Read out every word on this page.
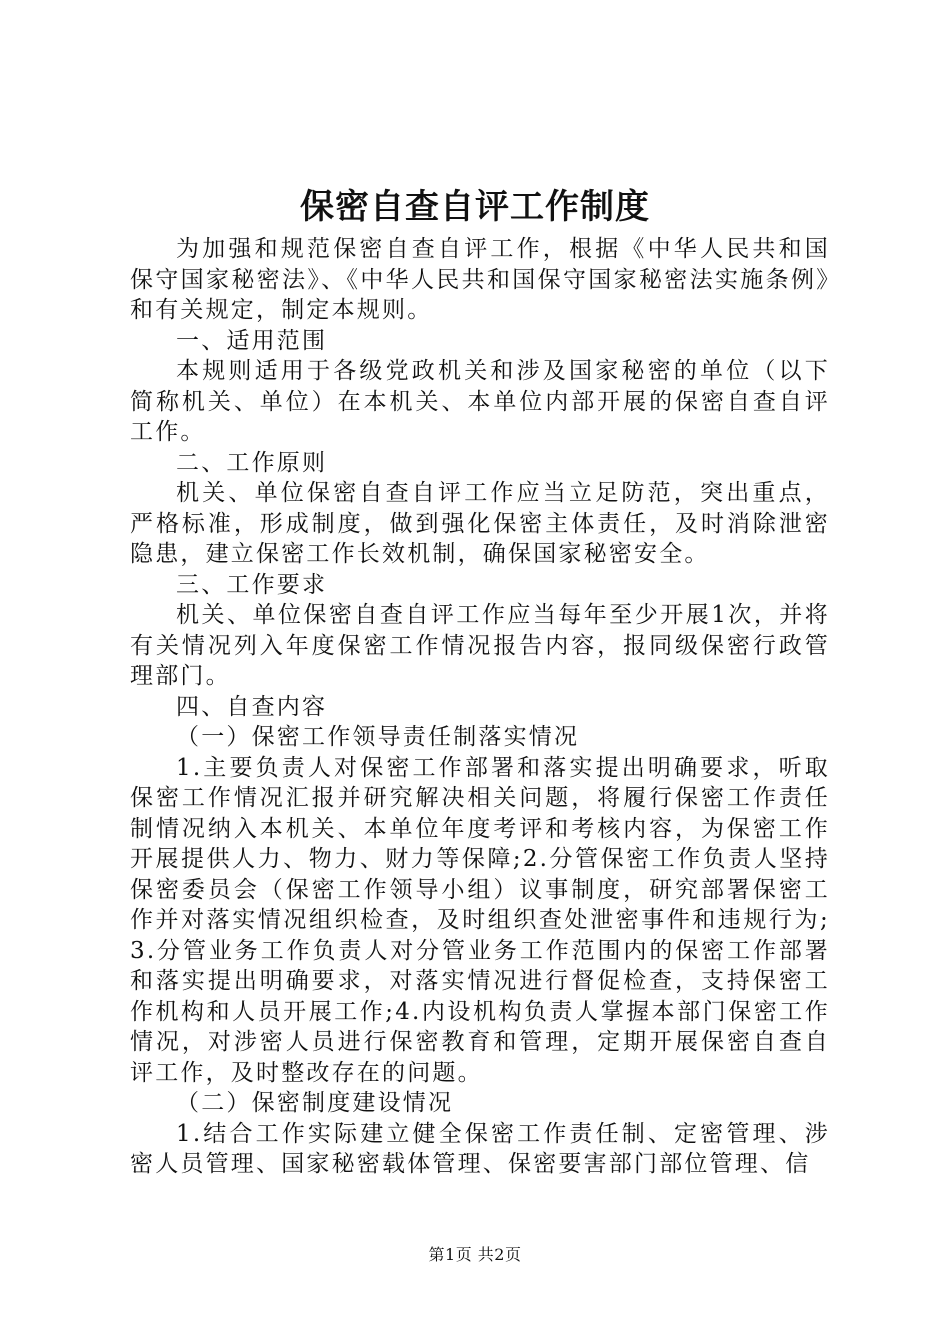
保密自查自评工作制度

为加强和规范保密自查自评工作，根据《中华人民共和国保守国家秘密法》、《中华人民共和国保守国家秘密法实施条例》和有关规定，制定本规则。

一、适用范围

本规则适用于各级党政机关和涉及国家秘密的单位（以下简称机关、单位）在本机关、本单位内部开展的保密自查自评工作。

二、工作原则

机关、单位保密自查自评工作应当立足防范，突出重点，严格标准，形成制度，做到强化保密主体责任，及时消除泄密隐患，建立保密工作长效机制，确保国家秘密安全。

三、工作要求

机关、单位保密自查自评工作应当每年至少开展1次，并将有关情况列入年度保密工作情况报告内容，报同级保密行政管理部门。

四、自查内容

（一）保密工作领导责任制落实情况

1.主要负责人对保密工作部署和落实提出明确要求，听取保密工作情况汇报并研究解决相关问题，将履行保密工作责任制情况纳入本机关、本单位年度考评和考核内容，为保密工作开展提供人力、物力、财力等保障;2.分管保密工作负责人坚持保密委员会（保密工作领导小组）议事制度，研究部署保密工作并对落实情况组织检查，及时组织查处泄密事件和违规行为;3.分管业务工作负责人对分管业务工作范围内的保密工作部署和落实提出明确要求，对落实情况进行督促检查，支持保密工作机构和人员开展工作;4.内设机构负责人掌握本部门保密工作情况，对涉密人员进行保密教育和管理，定期开展保密自查自评工作，及时整改存在的问题。

（二）保密制度建设情况

1.结合工作实际建立健全保密工作责任制、定密管理、涉密人员管理、国家秘密载体管理、保密要害部门部位管理、信

第1页 共2页
